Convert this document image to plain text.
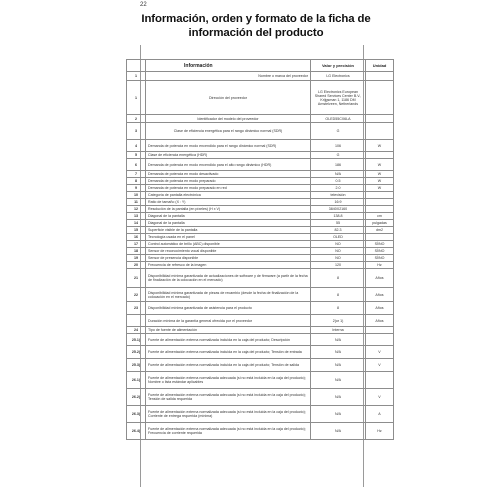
22
Información, orden y formato de la ficha de
información del producto
	Información	Valor y precisión	Unidad
1	Nombre o marca del proveedor	LG Electronics	
1	Dirección del proveedor	LG Electronics European Shared Services Center B.V., Krijgsman 1, 1186 DM Amstelveen, Netherlands	
2	Identificador del modelo del proveedor	OLED55CX6LA	
3	Clase de eficiencia energética para el rango dinámico normal (SDR)	G	
4	Demanda de potencia en modo encendido para el rango dinámico normal (SDR)	106	W
5	Clase de eficiencia energética (HDR)	G	
6	Demanda de potencia en modo encendido para el alto rango dinámico (HDR)	186	W
7	Demanda de potencia en modo desactivado	N/A	W
8	Demanda de potencia en modo preparado	0.5	W
9	Demanda de potencia en modo preparado en red	2.0	W
10	Categoría de pantalla electrónica	televisión	
11	Ratio de tamaño (X : Y)	16:9	
12	Resolución de la pantalla (en píxeles) (H x V)	3840X2160	
13	Diagonal de la pantalla	138.8	cm
14	Diagonal de la pantalla	55	pulgadas
15	Superficie visible de la pantalla	82.3	dm2
16	Tecnología usada en el panel	OLED	
17	Control automático de brillo (ABC) disponible	NO	SÍ/NO
18	Sensor de reconocimiento vocal disponible	NO	SÍ/NO
19	Sensor de presencia disponible	NO	SÍ/NO
20	Frecuencia de refresco de la imagen	120	Hz
21	Disponibilidad mínima garantizada de actualizaciones de software y de firmware (a partir de la fecha de finalización de la colocación en el mercado)	8	Años
22	Disponibilidad mínima garantizada de piezas de recambio (desde la fecha de finalización de la colocación en el mercado)	8	Años
23	Disponibilidad mínima garantizada de asistencia para el producto	8	Años
	Duración mínima de la garantía general ofrecida por el proveedor	2(or 1)	Años
24	Tipo de fuente de alimentación	Interna	
25.1)	Fuente de alimentación externa normalizada incluida en la caja del producto; Descripción	N/A	
25.2)	Fuente de alimentación externa normalizada incluida en la caja del producto; Tensión de entrada	N/A	V
25.3)	Fuente de alimentación externa normalizada incluida en la caja del producto; Tensión de salida	N/A	V
26.1)	Fuente de alimentación externa normalizada adecuada (si no está incluida en la caja del producto); Nombre o lista estándar aplicables	N/A	
26.2)	Fuente de alimentación externa normalizada adecuada (si no está incluida en la caja del producto); Tensión de salida requerida	N/A	V
26.3)	Fuente de alimentación externa normalizada adecuada (si no está incluida en la caja del producto); Corriente de entrega requerida (mínima)	N/A	A
26.4)	Fuente de alimentación externa normalizada adecuada (si no está incluida en la caja del producto); Frecuencia de corriente requerida	N/A	Hz
